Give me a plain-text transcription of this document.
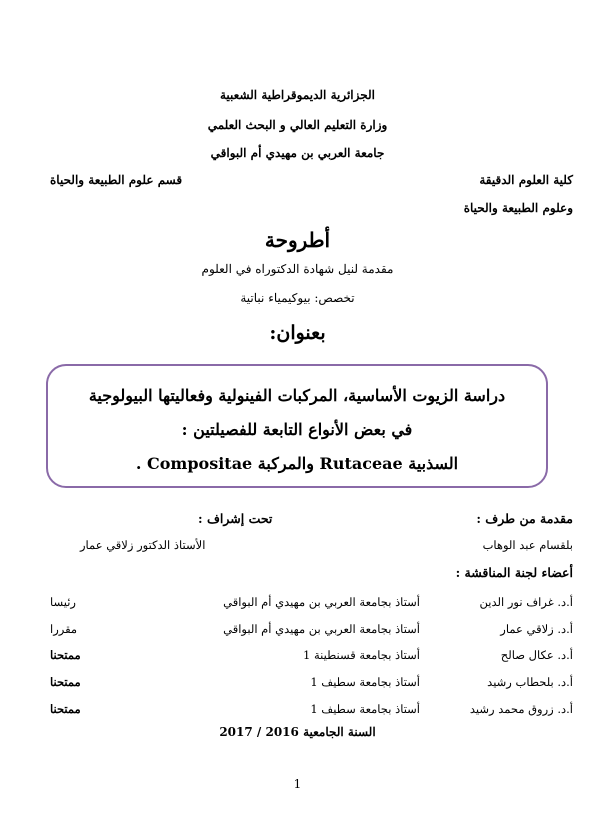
الجزائرية الديموقراطية الشعبية
وزارة التعليم العالي و البحث العلمي
جامعة العربي بن مهيدي أم البواقي
كلية العلوم الدقيقة
وعلوم الطبيعة والحياة
قسم علوم الطبيعة والحياة
أطروحة
مقدمة لنيل شهادة الدكتوراه في العلوم
تخصص: بيوكيمياء نباتية
بعنوان:
دراسة الزيوت الأساسية، المركبات الفينولية وفعاليتها البيولوجية
في بعض الأنواع التابعة للفصيلتين :
السذبية Rutaceae والمركبة Compositae .
مقدمة من طرف :
تحت إشراف :
بلقسام عبد الوهاب
الأستاذ الدكتور زلاقي عمار
أعضاء لجنة المناقشة :
أ.د. غراف نور الدين
أستاذ بجامعة العربي بن مهيدي أم البواقي
رئيسا
أ.د. زلاقي عمار
أستاذ بجامعة العربي بن مهيدي أم البواقي
مقررا
أ.د. عكال صالح
أستاذ بجامعة قسنطينة 1
ممتحنا
أ.د. بلحطاب رشيد
أستاذ بجامعة سطيف 1
ممتحنا
أ.د. زروق محمد رشيد
أستاذ بجامعة سطيف 1
ممتحنا
السنة الجامعية 2016 / 2017
1
